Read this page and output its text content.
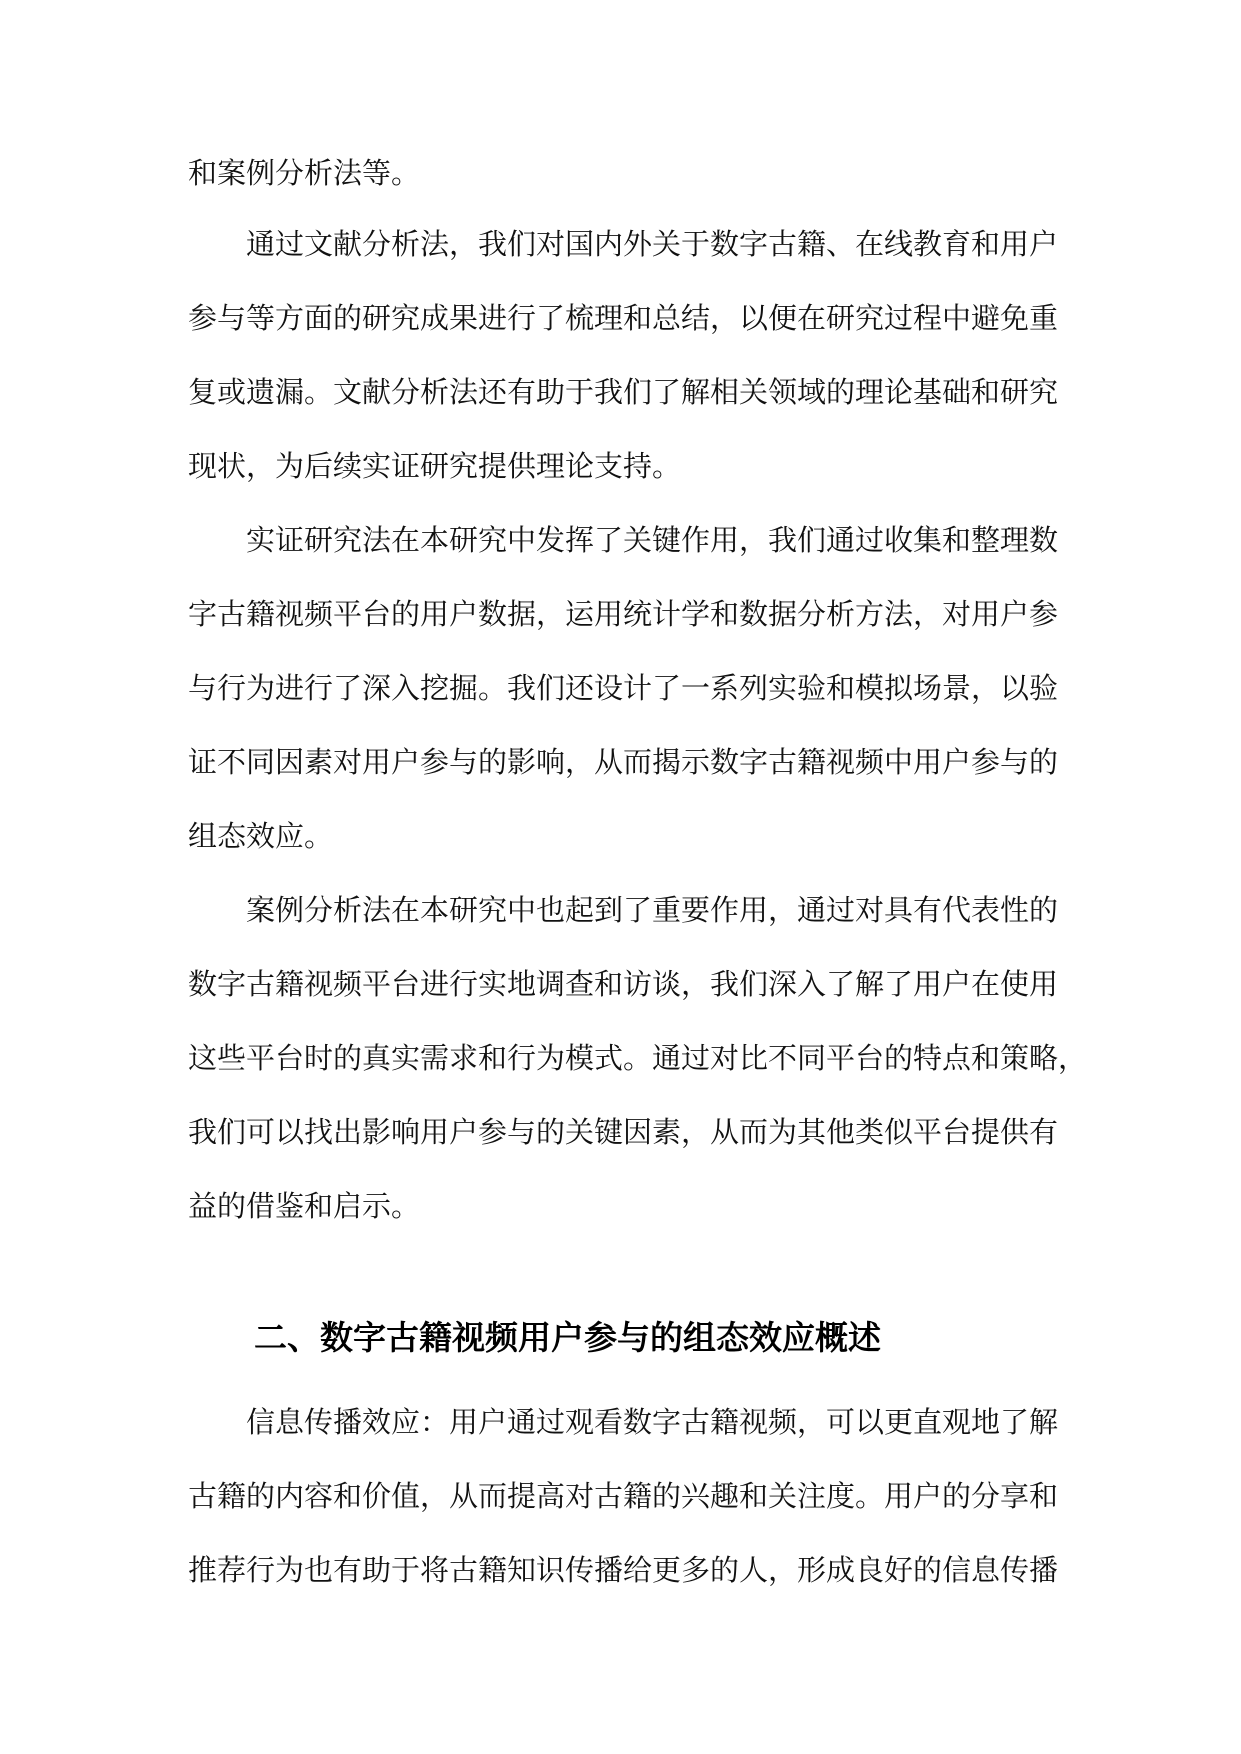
和案例分析法等。
通过文献分析法，我们对国内外关于数字古籍、在线教育和用户
参与等方面的研究成果进行了梳理和总结，以便在研究过程中避免重
复或遗漏。文献分析法还有助于我们了解相关领域的理论基础和研究
现状，为后续实证研究提供理论支持。
实证研究法在本研究中发挥了关键作用，我们通过收集和整理数
字古籍视频平台的用户数据，运用统计学和数据分析方法，对用户参
与行为进行了深入挖掘。我们还设计了一系列实验和模拟场景，以验
证不同因素对用户参与的影响，从而揭示数字古籍视频中用户参与的
组态效应。
案例分析法在本研究中也起到了重要作用，通过对具有代表性的
数字古籍视频平台进行实地调查和访谈，我们深入了解了用户在使用
这些平台时的真实需求和行为模式。通过对比不同平台的特点和策略，
我们可以找出影响用户参与的关键因素，从而为其他类似平台提供有
益的借鉴和启示。
二、数字古籍视频用户参与的组态效应概述
信息传播效应：用户通过观看数字古籍视频，可以更直观地了解
古籍的内容和价值，从而提高对古籍的兴趣和关注度。用户的分享和
推荐行为也有助于将古籍知识传播给更多的人，形成良好的信息传播
